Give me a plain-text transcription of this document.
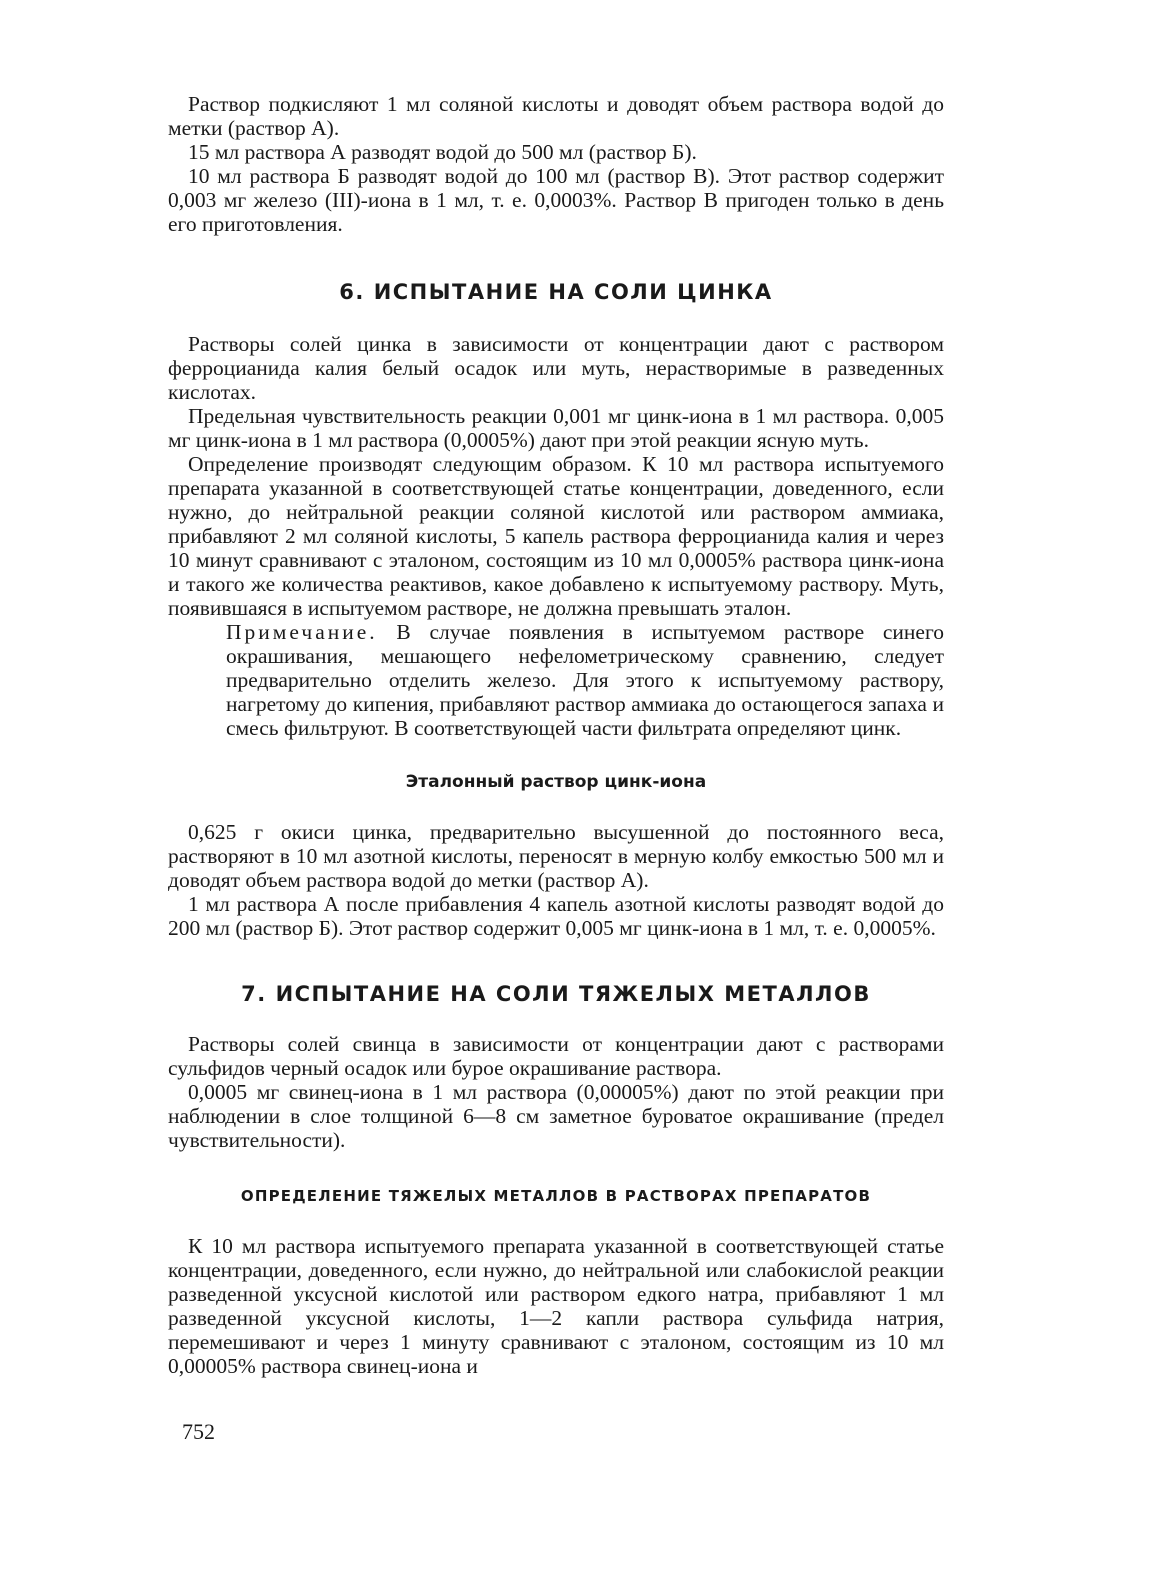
Раствор подкисляют 1 мл соляной кислоты и доводят объем раствора водой до метки (раствор А).

15 мл раствора А разводят водой до 500 мл (раствор Б).

10 мл раствора Б разводят водой до 100 мл (раствор В). Этот раствор содержит 0,003 мг железо (III)-иона в 1 мл, т. е. 0,0003%. Раствор В пригоден только в день его приготовления.

6. ИСПЫТАНИЕ НА СОЛИ ЦИНКА

Растворы солей цинка в зависимости от концентрации дают с раствором ферроцианида калия белый осадок или муть, нерастворимые в разведенных кислотах.

Предельная чувствительность реакции 0,001 мг цинк-иона в 1 мл раствора. 0,005 мг цинк-иона в 1 мл раствора (0,0005%) дают при этой реакции ясную муть.

Определение производят следующим образом. К 10 мл раствора испытуемого препарата указанной в соответствующей статье концентрации, доведенного, если нужно, до нейтральной реакции соляной кислотой или раствором аммиака, прибавляют 2 мл соляной кислоты, 5 капель раствора ферроцианида калия и через 10 минут сравнивают с эталоном, состоящим из 10 мл 0,0005% раствора цинк-иона и такого же количества реактивов, какое добавлено к испытуемому раствору. Муть, появившаяся в испытуемом растворе, не должна превышать эталон.

Примечание. В случае появления в испытуемом растворе синего окрашивания, мешающего нефелометрическому сравнению, следует предварительно отделить железо. Для этого к испытуемому раствору, нагретому до кипения, прибавляют раствор аммиака до остающегося запаха и смесь фильтруют. В соответствующей части фильтрата определяют цинк.

Эталонный раствор цинк-иона

0,625 г окиси цинка, предварительно высушенной до постоянного веса, растворяют в 10 мл азотной кислоты, переносят в мерную колбу емкостью 500 мл и доводят объем раствора водой до метки (раствор А).

1 мл раствора А после прибавления 4 капель азотной кислоты разводят водой до 200 мл (раствор Б). Этот раствор содержит 0,005 мг цинк-иона в 1 мл, т. е. 0,0005%.

7. ИСПЫТАНИЕ НА СОЛИ ТЯЖЕЛЫХ МЕТАЛЛОВ

Растворы солей свинца в зависимости от концентрации дают с растворами сульфидов черный осадок или бурое окрашивание раствора.

0,0005 мг свинец-иона в 1 мл раствора (0,00005%) дают по этой реакции при наблюдении в слое толщиной 6—8 см заметное буроватое окрашивание (предел чувствительности).

ОПРЕДЕЛЕНИЕ ТЯЖЕЛЫХ МЕТАЛЛОВ В РАСТВОРАХ ПРЕПАРАТОВ

К 10 мл раствора испытуемого препарата указанной в соответствующей статье концентрации, доведенного, если нужно, до нейтральной или слабокислой реакции разведенной уксусной кислотой или раствором едкого натра, прибавляют 1 мл разведенной уксусной кислоты, 1—2 капли раствора сульфида натрия, перемешивают и через 1 минуту сравнивают с эталоном, состоящим из 10 мл 0,00005% раствора свинец-иона и

752
